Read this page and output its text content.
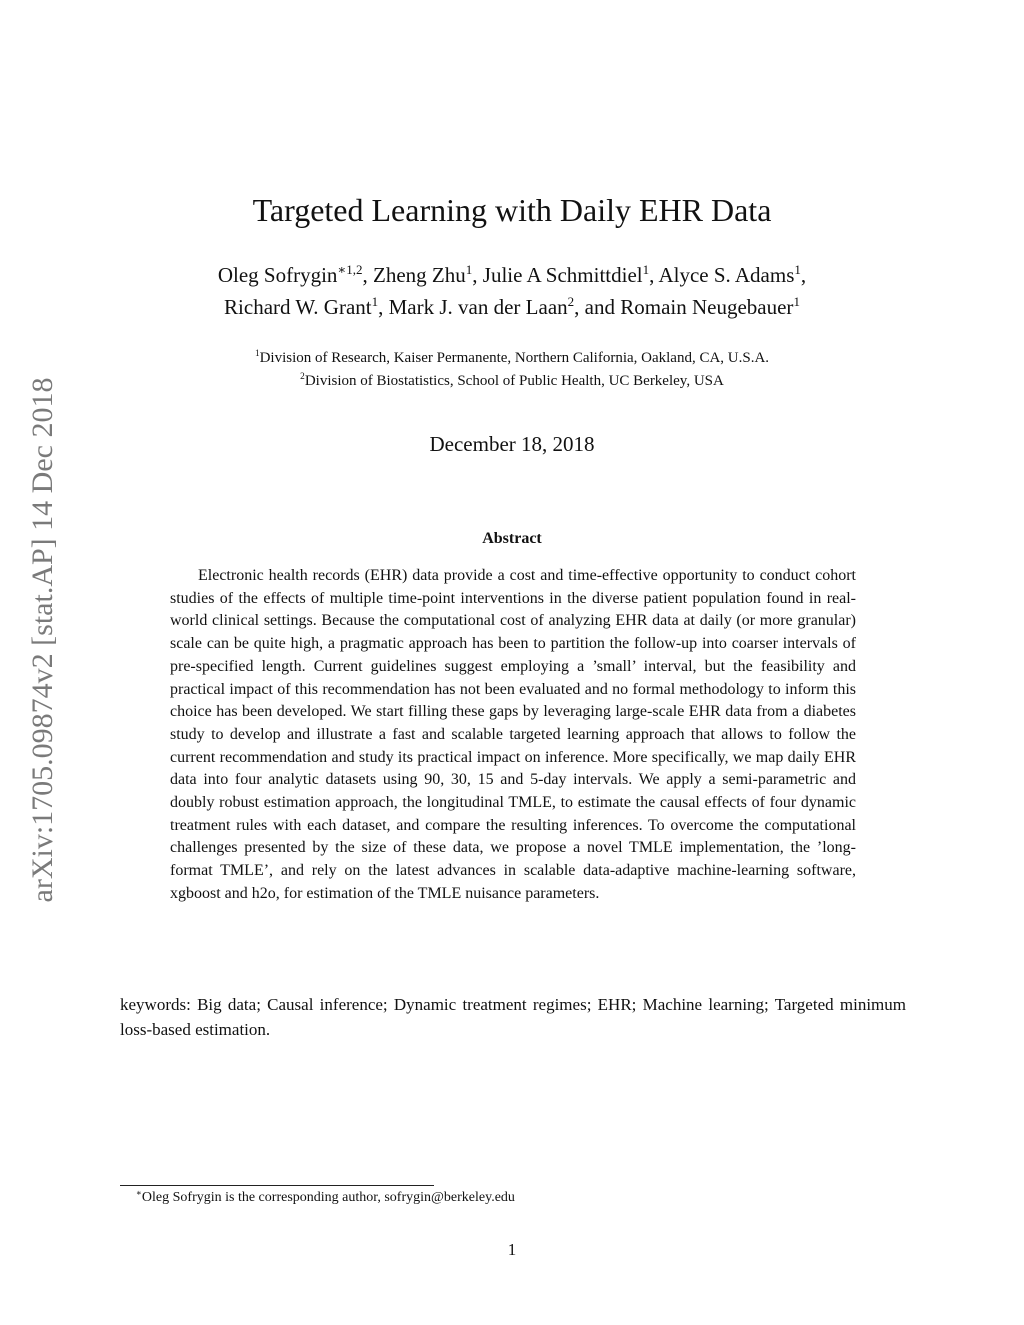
arXiv:1705.09874v2 [stat.AP] 14 Dec 2018
Targeted Learning with Daily EHR Data
Oleg Sofrygin$^{∗1,2}$, Zheng Zhu$^1$, Julie A Schmittdiel$^1$, Alyce S. Adams$^1$,
Richard W. Grant$^1$, Mark J. van der Laan$^2$, and Romain Neugebauer$^1$
$^1$Division of Research, Kaiser Permanente, Northern California, Oakland, CA, U.S.A.
$^2$Division of Biostatistics, School of Public Health, UC Berkeley, USA
December 18, 2018
Abstract

Electronic health records (EHR) data provide a cost and time-effective opportunity to conduct cohort studies of the effects of multiple time-point interventions in the diverse patient population found in real-world clinical settings. Because the computational cost of analyzing EHR data at daily (or more granular) scale can be quite high, a pragmatic approach has been to partition the follow-up into coarser intervals of pre-specified length. Current guidelines suggest employing a ’small’ interval, but the feasibility and practical impact of this recommendation has not been evaluated and no formal methodology to inform this choice has been developed. We start filling these gaps by leveraging large-scale EHR data from a diabetes study to develop and illustrate a fast and scalable targeted learning approach that allows to follow the current recommendation and study its practical impact on inference. More specifically, we map daily EHR data into four analytic datasets using 90, 30, 15 and 5-day intervals. We apply a semi-parametric and doubly robust estimation approach, the longitudinal TMLE, to estimate the causal effects of four dynamic treatment rules with each dataset, and compare the resulting inferences. To overcome the computational challenges presented by the size of these data, we propose a novel TMLE implementation, the ’long-format TMLE’, and rely on the latest advances in scalable data-adaptive machine-learning software, xgboost and h2o, for estimation of the TMLE nuisance parameters.

keywords: Big data; Causal inference; Dynamic treatment regimes; EHR; Machine learning; Targeted minimum loss-based estimation.

∗Oleg Sofrygin is the corresponding author, sofrygin@berkeley.edu
1
